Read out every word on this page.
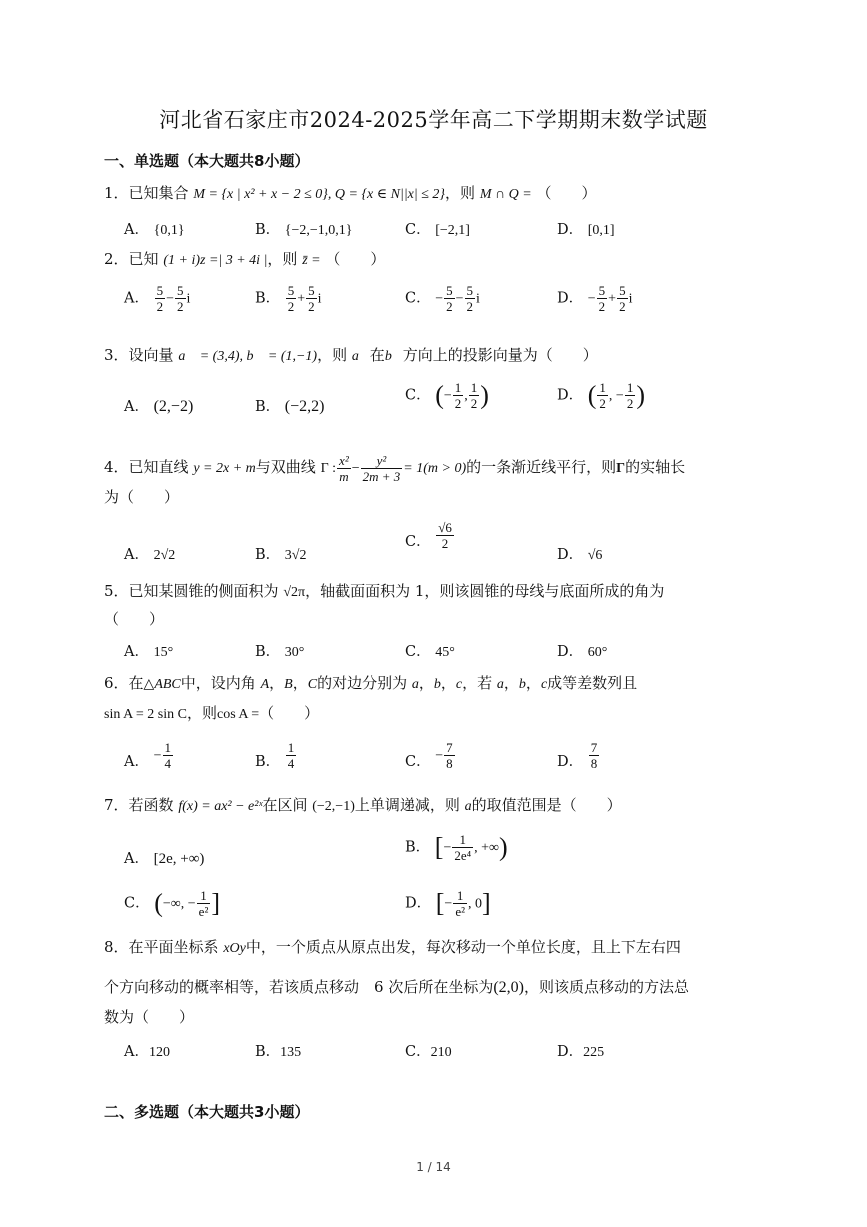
河北省石家庄市2024-2025学年高二下学期期末数学试题
一、单选题（本大题共8小题）
1．已知集合 M = {x | x² + x − 2 ≤ 0}, Q = {x ∈ N||x| ≤ 2}，则 M ∩ Q = （　　）
A． {0,1}	B． {−2,−1,0,1}	C． [−2,1]	D． [0,1]
2．已知 (1 + i)z =| 3 + 4i |，则 z̄ = （　　）
A． $\frac{5}{2} - \frac{5}{2}$ i	B． $\frac{5}{2} + \frac{5}{2}$ i	C． − $\frac{5}{2} - \frac{5}{2}$ i	D． − $\frac{5}{2} + \frac{5}{2}$ i
3．设向量 a⃗ = (3,4), b⃗ = (1,−1)，则 a⃗在b⃗方向上的投影向量为（　　）
A． (2,−2)	B． (−2,2)
C． (− $\frac{1}{2}$ , $\frac{1}{2}$ )	D． ( $\frac{1}{2}$ , − $\frac{1}{2}$ )
4．已知直线 y = 2x + m与双曲线 Γ : $\frac{\text{x²}}{m} - \frac{\text{y²}}{2m + 3} = 1(m > 0)$的一条渐近线平行，则Γ的实轴长
为（　　）
A． 2√2	B． 3√2
C． $\frac{√6}{2}$
D． √6
5．已知某圆锥的侧面积为 √2π，轴截面面积为 1，则该圆锥的母线与底面所成的角为
（　　）
A． 15°	B． 30°	C． 45°	D． 60°
6．在△ABC中，设内角 A，B，C的对边分别为 a，b，c，若 a，b，c成等差数列且
sin A = 2 sin C，则cos A =（　　）
A． − $\frac{1}{4}$	B． $\frac{1}{4}$	C． − $\frac{7}{8}$	D． $\frac{7}{8}$
7．若函数 f(x) = ax² − e²ˣ在区间 (−2,−1)上单调递减，则 a的取值范围是（　　）
A． [2e, +∞)
B． [− $\frac{1}{\text{2e⁴}}$ , +∞)
C． (−∞, − $\frac{1}{\text{e²}}$ ]	D． [− $\frac{1}{\text{e²}}$ , 0]
8．在平面坐标系 xOy中，一个质点从原点出发，每次移动一个单位长度，且上下左右四
个方向移动的概率相等，若该质点移动　6 次后所在坐标为(2,0)，则该质点移动的方法总
数为（　　）
A．120	B．135	C．210	D．225
二、多选题（本大题共3小题）
1 / 14
